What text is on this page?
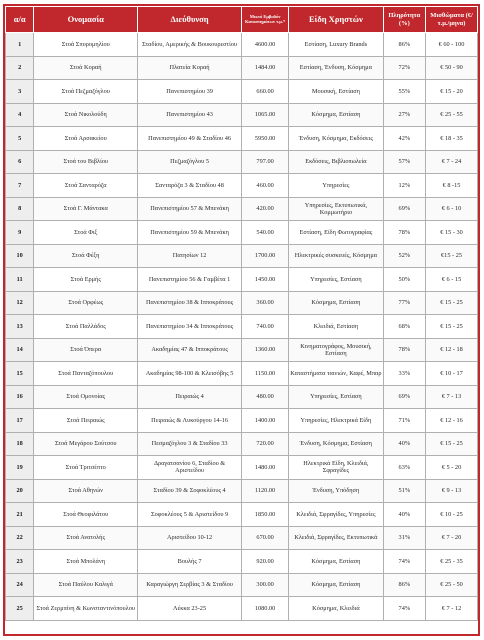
α/α	Ονομασία	Διεύθυνση	Μικτό Εμβαδόν Καταστημάτων τ.μ.*	Είδη Χρηστών	Πληρότητα (%)	Μισθώματα (€/τ.μ./μηνα)
1	Στοά Σπυρομηλίου	Σταδίου, Αμερικής & Βουκουρεστίου	4600.00	Εστίαση, Luxury Brands	86%	€ 60 - 100
2	Στοά Κοραή	Πλατεία Κοραή	1484.00	Εστίαση, Ένδυση, Κόσμημα	72%	€ 50 - 90
3	Στοά Πεζμαζόγλου	Πανεπιστημίου 39	660.00	Μουσική, Εστίαση	55%	€ 15 - 20
4	Στοά Νικολούδη	Πανεπιστημίου 43	1065.00	Κόσμημα, Εστίαση	27%	€ 25 - 55
5	Στοά Αρσακείου	Πανεπιστημίου 49 & Σταδίου 46	5950.00	Ένδυση, Κόσμημα, Εκδόσεις	42%	€ 18 - 35
6	Στοά του Βιβλίου	Πεζμαζόγλου 5	797.00	Εκδόσεις, Βιβλιοπωλεία	57%	€ 7 - 24
7	Στοά Σανταρόζα	Σανταρόζα 3 & Σταδίου 48	460.00	Υπηρεσίες	12%	€ 8 -15
8	Στοά Γ. Μάντακα	Πανεπιστημίου 57 & Μπενάκη	420.00	Υπηρεσίες, Εκτυπωτικά, Κομμωτήριο	69%	€ 6 - 10
9	Στοά Φιξ	Πανεπιστημίου 59 & Μπενάκη	540.00	Εστίαση, Είδη Φωτογραφίας	78%	€ 15 - 30
10	Στοά Φέξη	Πατησίων 12	1700.00	Ηλεκτρικές συσκευές, Κόσμημα	52%	€15 - 25
11	Στοά Ερμής	Πανεπιστημίου 56 & Γαμβέτα 1	1450.00	Υπηρεσίες, Εστίαση	50%	€ 6 - 15
12	Στοά Ορφέως	Πανεπιστημίου 38 & Ιπποκράτους	360.00	Κόσμημα, Εστίαση	77%	€ 15 - 25
13	Στοά Παλλάδος	Πανεπιστημίου 34 & Ιπποκράτους	740.00	Κλειδιά, Εστίαση	68%	€ 15 - 25
14	Στοά Όπερα	Ακαδημίας 47 & Ιπποκράτους	1360.00	Κινηματογράφος, Μουσική, Εστίαση	78%	€ 12 - 18
15	Στοά Πανταζόπουλου	Ακαδημίας 98-100 & Κλεισόβης 5	1150.00	Καταστήματα ταινιών, Καφέ, Μπαρ	33%	€ 10 - 17
16	Στοά Ομονοίας	Πειραιώς 4	480.00	Υπηρεσίες, Εστίαση	69%	€ 7 - 13
17	Στοά Πειραιώς	Πειραιώς & Λυκούργου 14-16	1400.00	Υπηρεσίες, Ηλεκτρικά Είδη	71%	€ 12 - 16
18	Στοά Μεγάρου Σούτσου	Πεσμαζόγλου 3 & Σταδίου 33	720.00	Ένδυση, Κόσμημα, Εστίαση	40%	€ 15 - 25
19	Στοά Τριτσέπτο	Δραγατσανίου 6, Σταδίου & Αριστείδου	1480.00	Ηλεκτρικά Είδη, Κλειδιά, Σφραγίδες	63%	€ 5 - 20
20	Στοά Αθηνών	Σταδίου 39 & Σοφοκλέους 4	1120.00	Ένδυση, Υπόδηση	51%	€ 9 - 13
21	Στοά Θεοφιλάτου	Σοφοκλέους 5 & Αριστείδου 9	1850.00	Κλειδιά, Σφραγίδες, Υπηρεσίες	40%	€ 10 - 25
22	Στοά Ανατολής	Αριστείδου 10-12	670.00	Κλειδιά, Σφραγίδες, Εκτυπωτικά	31%	€ 7 - 20
23	Στοά Μπολάνη	Βουλής 7	920.00	Κόσμημα, Εστίαση	74%	€ 25 - 35
24	Στοά Παύλου Καλιγά	Καραγιώργη Σερβίας 3 & Σταδίου	300.00	Κόσμημα, Εστίαση	86%	€ 25 - 50
25	Στοά Ζερμπίνη & Κωνσταντινόπουλου	Λέκκα 23-25	1080.00	Κόσμημα, Κλειδιά	74%	€ 7 - 12
